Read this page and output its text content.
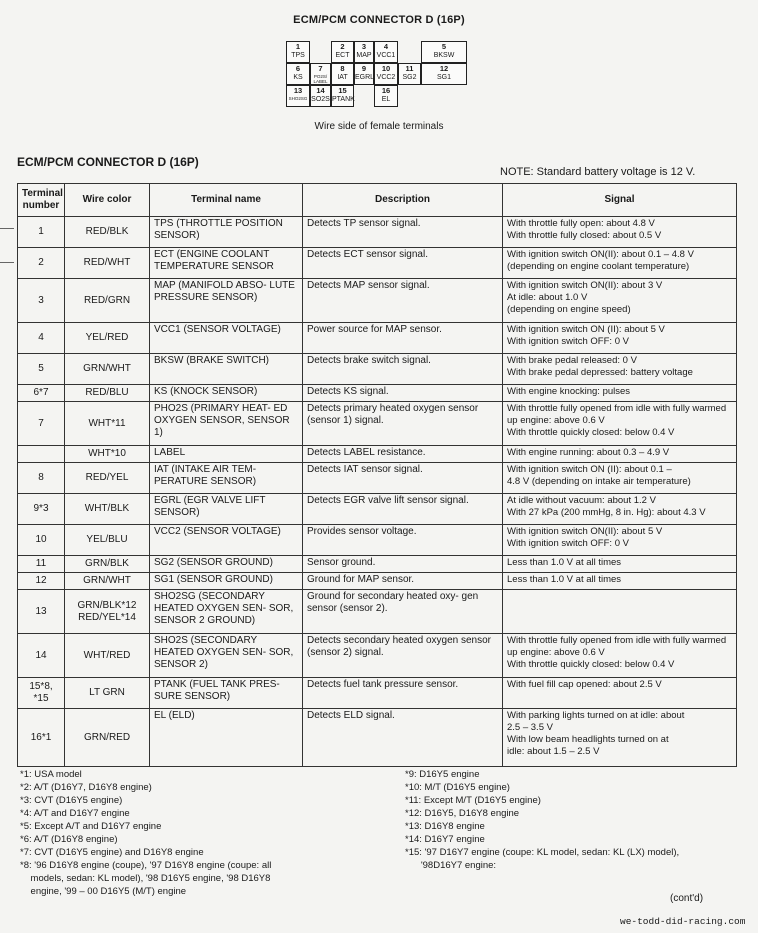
ECM/PCM CONNECTOR D (16P)
1
TPS
2
ECT
3
MAP
4
VCC1
5
BKSW
6
KS
7
PO2S/ LABEL
8
IAT
9
EGRL
10
VCC2
11
SG2
12
SG1
13
SHO2SG
14
SO2S
15
PTANK
16
EL
Wire side of female terminals
ECM/PCM CONNECTOR D (16P)
NOTE: Standard battery voltage is 12 V.
Terminal number	Wire color	Terminal name	Description	Signal
1	RED/BLK	TPS (THROTTLE POSITION SENSOR)	Detects TP sensor signal.	With throttle fully open: about 4.8 V
With throttle fully closed: about 0.5 V
2	RED/WHT	ECT (ENGINE COOLANT TEMPERATURE SENSOR	Detects ECT sensor signal.	With ignition switch ON(II): about 0.1 – 4.8 V
(depending on engine coolant temperature)
3	RED/GRN	MAP (MANIFOLD ABSO- LUTE PRESSURE SENSOR)	Detects MAP sensor signal.	With ignition switch ON(II): about 3 V
At idle: about 1.0 V
(depending on engine speed)
4	YEL/RED	VCC1 (SENSOR VOLTAGE)	Power source for MAP sensor.	With ignition switch ON (II): about 5 V
With ignition switch OFF: 0 V
5	GRN/WHT	BKSW (BRAKE SWITCH)	Detects brake switch signal.	With brake pedal released: 0 V
With brake pedal depressed: battery voltage
6*7	RED/BLU	KS (KNOCK SENSOR)	Detects KS signal.	With engine knocking: pulses
7	WHT*11	PHO2S (PRIMARY HEAT- ED OXYGEN SENSOR, SENSOR 1)	Detects primary heated oxygen sensor (sensor 1) signal.	With throttle fully opened from idle with fully warmed up engine: above 0.6 V
With throttle quickly closed: below 0.4 V
	WHT*10	LABEL	Detects LABEL resistance.	With engine running: about 0.3 – 4.9 V
8	RED/YEL	IAT (INTAKE AIR TEM- PERATURE SENSOR)	Detects IAT sensor signal.	With ignition switch ON (II): about 0.1 –
4.8 V (depending on intake air temperature)
9*3	WHT/BLK	EGRL (EGR VALVE LIFT SENSOR)	Detects EGR valve lift sensor signal.	At idle without vacuum: about 1.2 V
With 27 kPa (200 mmHg, 8 in. Hg): about 4.3 V
10	YEL/BLU	VCC2 (SENSOR VOLTAGE)	Provides sensor voltage.	With ignition switch ON(II): about 5 V
With ignition switch OFF: 0 V
11	GRN/BLK	SG2 (SENSOR GROUND)	Sensor ground.	Less than 1.0 V at all times
12	GRN/WHT	SG1 (SENSOR GROUND)	Ground for MAP sensor.	Less than 1.0 V at all times
13	GRN/BLK*12
RED/YEL*14	SHO2SG (SECONDARY HEATED OXYGEN SEN- SOR, SENSOR 2 GROUND)	Ground for secondary heated oxy- gen sensor (sensor 2).	
14	WHT/RED	SHO2S (SECONDARY HEATED OXYGEN SEN- SOR, SENSOR 2)	Detects secondary heated oxygen sensor (sensor 2) signal.	With throttle fully opened from idle with fully warmed up engine: above 0.6 V
With throttle quickly closed: below 0.4 V
15*8, *15	LT GRN	PTANK (FUEL TANK PRES- SURE SENSOR)	Detects fuel tank pressure sensor.	With fuel fill cap opened: about 2.5 V
16*1	GRN/RED	EL (ELD)	Detects ELD signal.	With parking lights turned on at idle: about
2.5 – 3.5 V
With low beam headlights turned on at
idle: about 1.5 – 2.5 V
*1: USA model
*2: A/T (D16Y7, D16Y8 engine)
*3: CVT (D16Y5 engine)
*4: A/T and D16Y7 engine
*5: Except A/T and D16Y7 engine
*6: A/T (D16Y8 engine)
*7: CVT (D16Y5 engine) and D16Y8 engine
*8: '96 D16Y8 engine (coupe), '97 D16Y8 engine (coupe: all
models, sedan: KL model), '98 D16Y5 engine, '98 D16Y8
engine, '99 – 00 D16Y5 (M/T) engine
*9: D16Y5 engine
*10: M/T (D16Y5 engine)
*11: Except M/T (D16Y5 engine)
*12: D16Y5, D16Y8 engine
*13: D16Y8 engine
*14: D16Y7 engine
*15: '97 D16Y7 engine (coupe: KL model, sedan: KL (LX) model),
'98D16Y7 engine:
(cont'd)
we-todd-did-racing.com
